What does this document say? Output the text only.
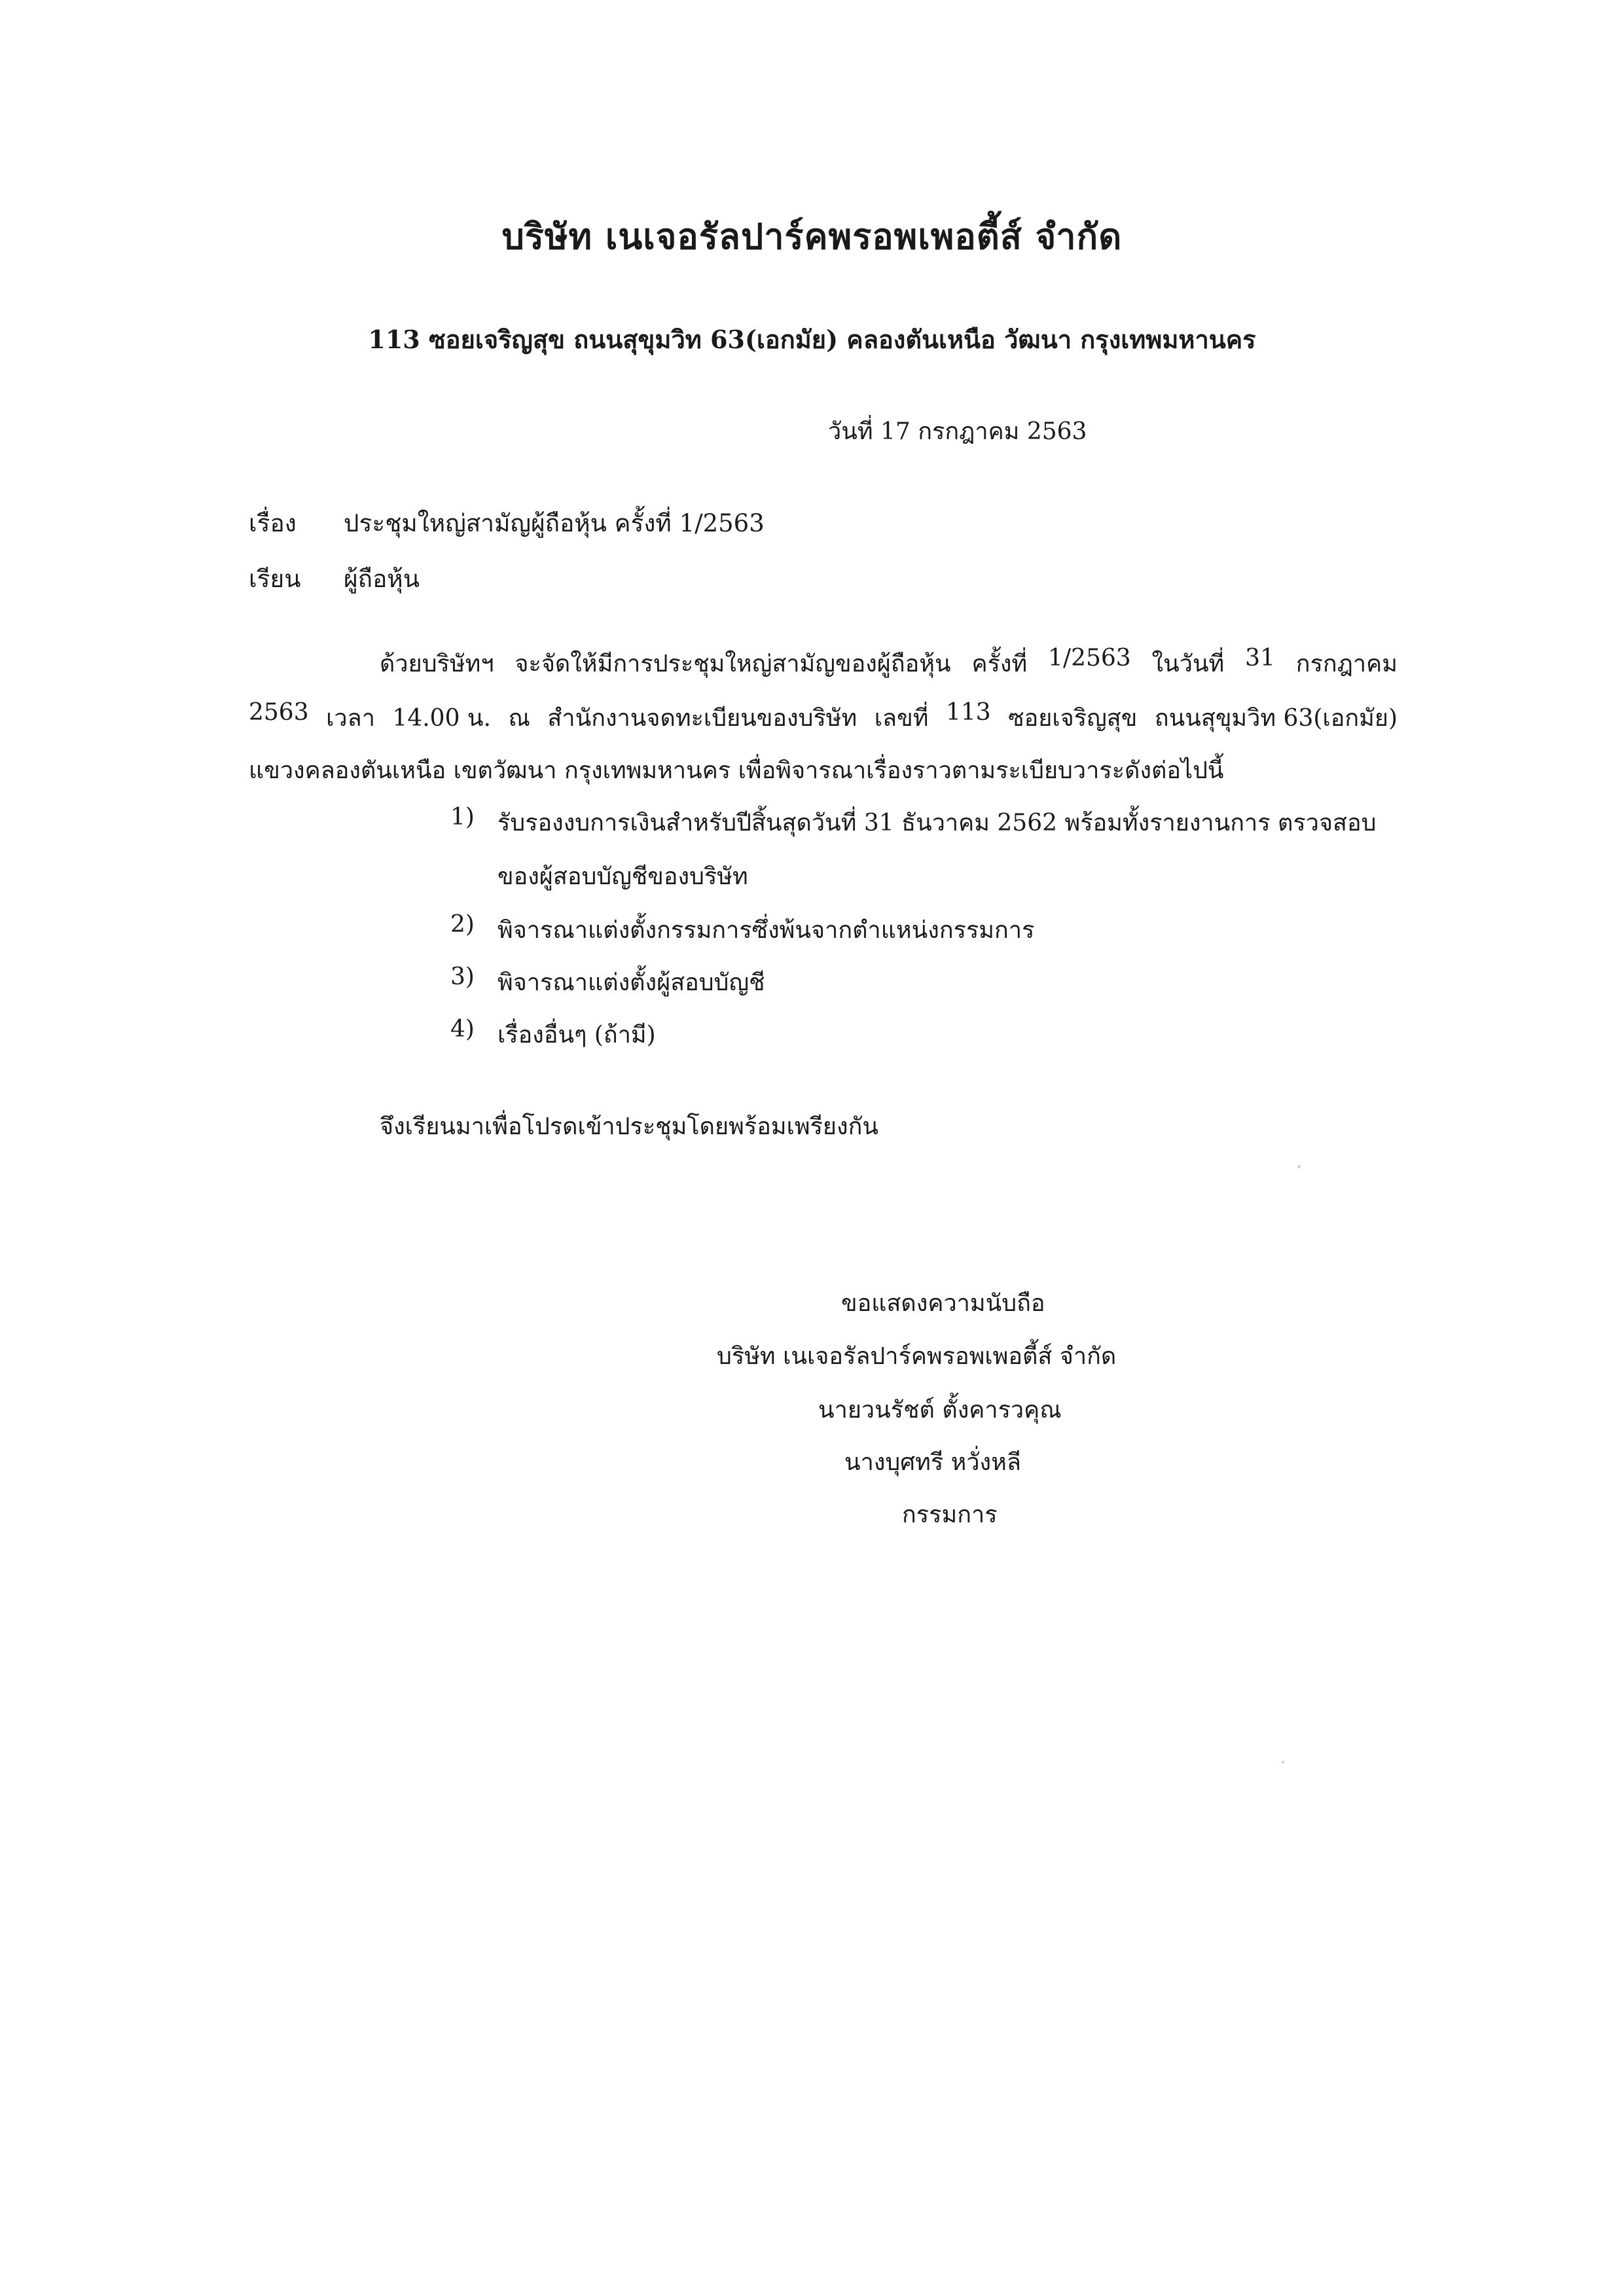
บริษัท เนเจอรัลปาร์คพรอพเพอตี้ส์ จำกัด
113 ซอยเจริญสุข ถนนสุขุมวิท 63(เอกมัย) คลองตันเหนือ วัฒนา กรุงเทพมหานคร
วันที่ 17 กรกฎาคม 2563
เรื่อง ประชุมใหญ่สามัญผู้ถือหุ้น ครั้งที่ 1/2563
เรียน ผู้ถือหุ้น
ด้วยบริษัทฯ จะจัดให้มีการประชุมใหญ่สามัญของผู้ถือหุ้น ครั้งที่ 1/2563 ในวันที่ 31 กรกฎาคม
2563 เวลา 14.00 น. ณ สำนักงานจดทะเบียนของบริษัท เลขที่ 113 ซอยเจริญสุข ถนนสุขุมวิท 63(เอกมัย)
แขวงคลองตันเหนือ เขตวัฒนา กรุงเทพมหานคร เพื่อพิจารณาเรื่องราวตามระเบียบวาระดังต่อไปนี้
1) รับรองงบการเงินสำหรับปีสิ้นสุดวันที่ 31 ธันวาคม 2562 พร้อมทั้งรายงานการ ตรวจสอบ
ของผู้สอบบัญชีของบริษัท
2) พิจารณาแต่งตั้งกรรมการซึ่งพ้นจากตำแหน่งกรรมการ
3) พิจารณาแต่งตั้งผู้สอบบัญชี
4) เรื่องอื่นๆ (ถ้ามี)
จึงเรียนมาเพื่อโปรดเข้าประชุมโดยพร้อมเพรียงกัน
ขอแสดงความนับถือ
บริษัท เนเจอรัลปาร์คพรอพเพอตี้ส์ จำกัด
นายวนรัชต์ ตั้งคารวคุณ
นางบุศทรี หวั่งหลี
กรรมการ
